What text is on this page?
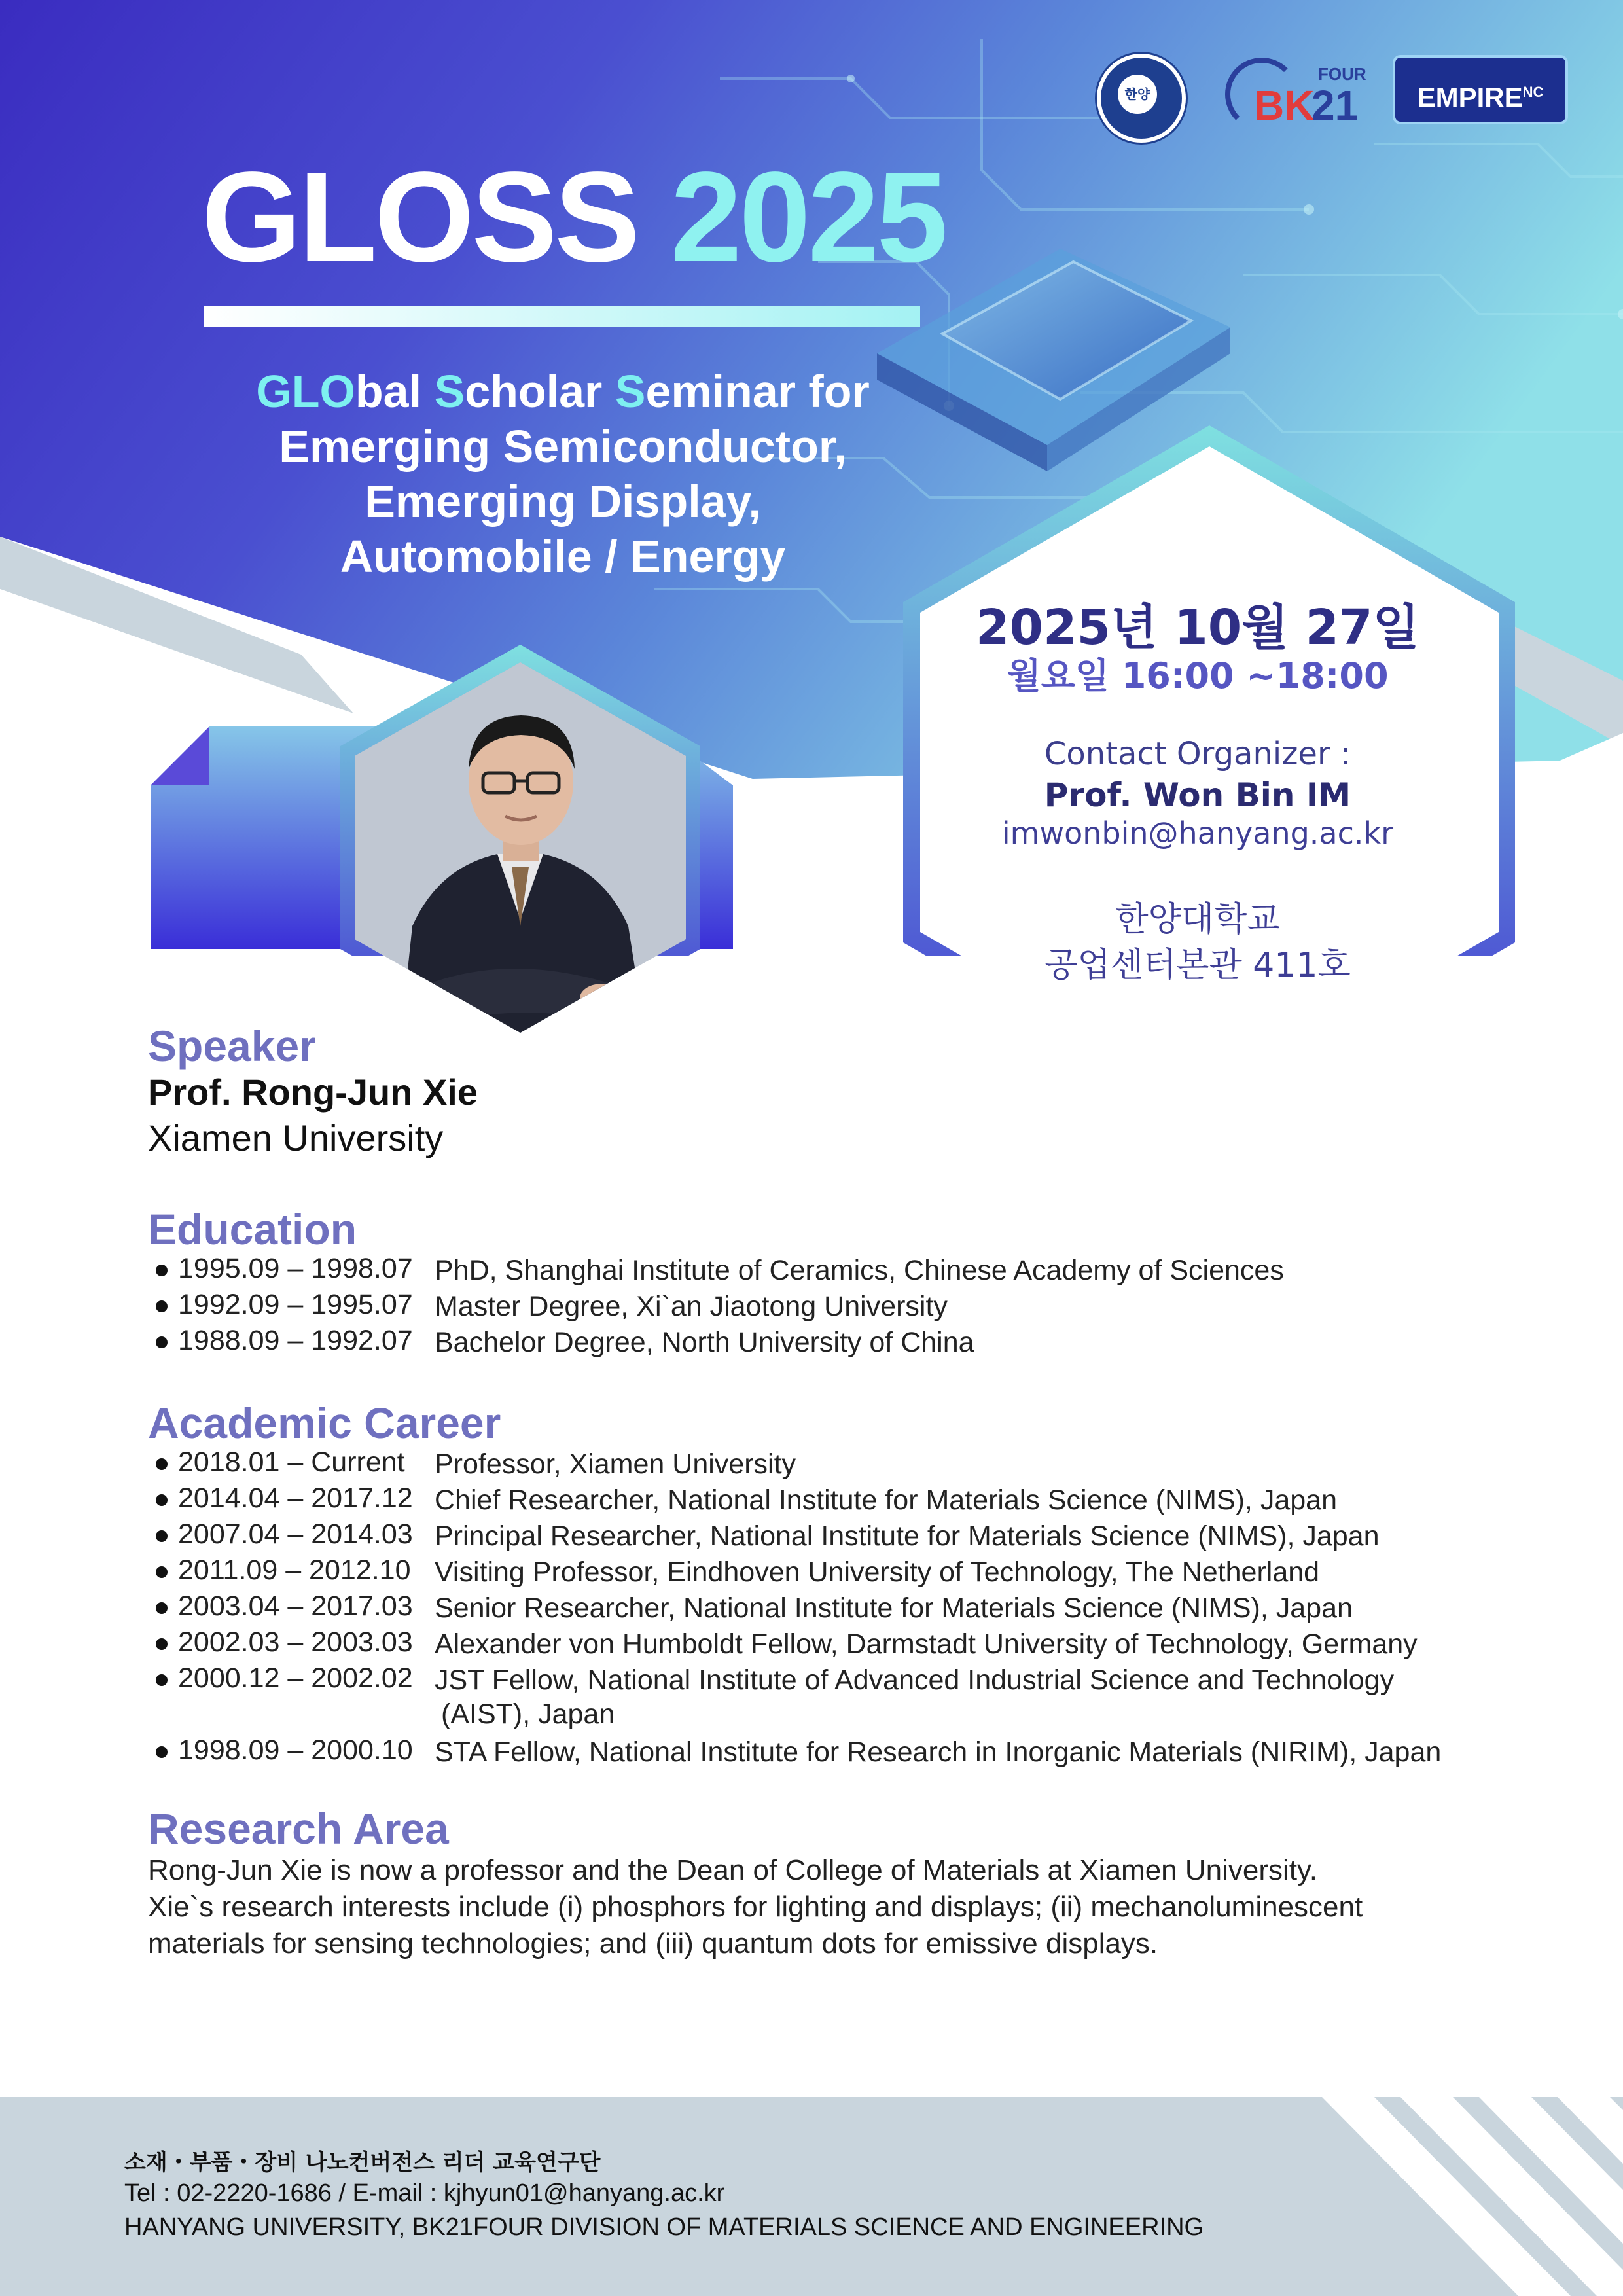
한양
FOUR
BK
21	$EMPIRE^{NC}$
GLOSS 2025
GLObal Scholar Seminar for
Emerging Semiconductor,
Emerging Display,
Automobile / Energy
2025년 10월 27일
월요일 16:00 ~18:00
Contact Organizer :
Prof. Won Bin IM
imwonbin@hanyang.ac.kr
한양대학교
공업센터본관 411호
Speaker
Prof. Rong-Jun Xie
Xiamen University
Education
1995.09 – 1998.07 PhD, Shanghai Institute of Ceramics, Chinese Academy of Sciences
1992.09 – 1995.07 Master Degree, Xi`an Jiaotong University
1988.09 – 1992.07 Bachelor Degree, North University of China
Academic Career
2018.01 – Current Professor, Xiamen University
2014.04 – 2017.12 Chief Researcher, National Institute for Materials Science (NIMS), Japan
2007.04 – 2014.03 Principal Researcher, National Institute for Materials Science (NIMS), Japan
2011.09 – 2012.10 Visiting Professor, Eindhoven University of Technology, The Netherland
2003.04 – 2017.03 Senior Researcher, National Institute for Materials Science (NIMS), Japan
2002.03 – 2003.03 Alexander von Humboldt Fellow, Darmstadt University of Technology, Germany
2000.12 – 2002.02 JST Fellow, National Institute of Advanced Industrial Science and Technology
(AIST), Japan
1998.09 – 2000.10 STA Fellow, National Institute for Research in Inorganic Materials (NIRIM), Japan
Research Area
Rong-Jun Xie is now a professor and the Dean of College of Materials at Xiamen University.
Xie`s research interests include (i) phosphors for lighting and displays; (ii) mechanoluminescent
materials for sensing technologies; and (iii) quantum dots for emissive displays.
소재・부품・장비 나노컨버전스 리더 교육연구단
Tel : 02-2220-1686 / E-mail : kjhyun01@hanyang.ac.kr
HANYANG UNIVERSITY, BK21FOUR DIVISION OF MATERIALS SCIENCE AND ENGINEERING
